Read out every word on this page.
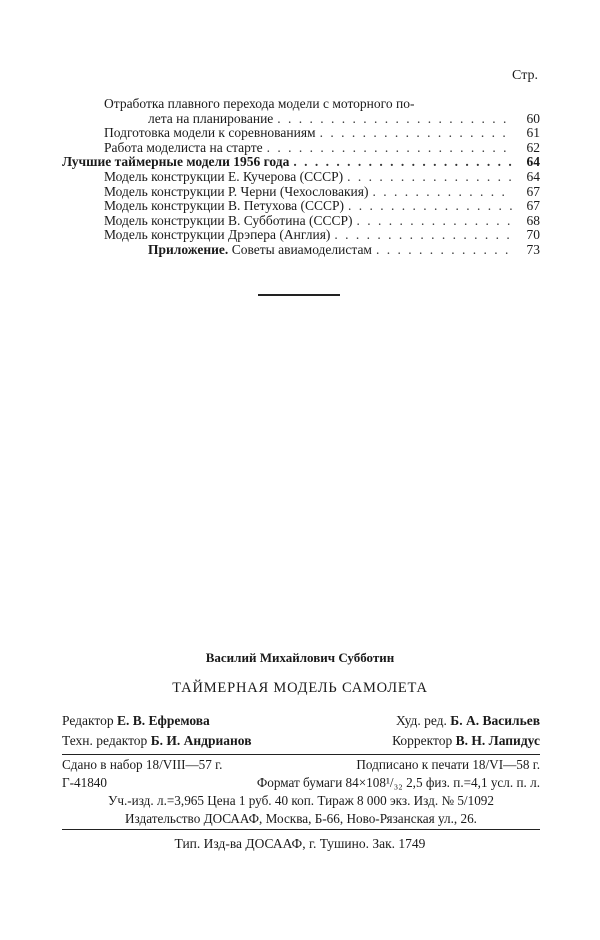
Стр.
Отработка плавного перехода модели с моторного по-
лета на планирование . . .	60
Подготовка модели к соревнованиям . . .	61
Работа моделиста на старте . . .	62
Лучшие таймерные модели 1956 года . . .	64
Модель конструкции Е. Кучерова (СССР) . . .	64
Модель конструкции Р. Черни (Чехословакия) . . .	67
Модель конструкции В. Петухова (СССР) . . .	67
Модель конструкции В. Субботина (СССР) . . .	68
Модель конструкции Дрэпера (Англия) . . .	70
Приложение. Советы авиамоделистам . . .	73
Василий Михайлович Субботин
ТАЙМЕРНАЯ МОДЕЛЬ САМОЛЕТА
Редактор Е. В. Ефремова	Худ. ред. Б. А. Васильев
Техн. редактор Б. И. Андрианов	Корректор В. Н. Лапидус
Сдано в набор 18/VIII—57 г.	Подписано к печати 18/VI—58 г.
Г-41840	Формат бумаги 84×108¹/₃₂ 2,5 физ. п.=4,1 усл. п. л.
Уч.-изд. л.=3,965 Цена 1 руб. 40 коп. Тираж 8 000 экз. Изд. № 5/1092
Издательство ДОСААФ, Москва, Б-66, Ново-Рязанская ул., 26.
Тип. Изд-ва ДОСААФ, г. Тушино. Зак. 1749
